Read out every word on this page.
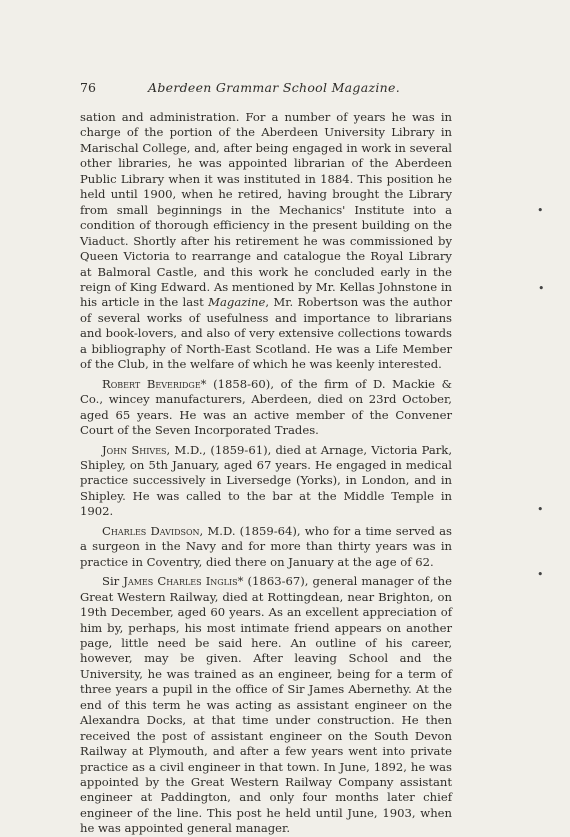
76	Aberdeen Grammar School Magazine.

sation and administration. For a number of years he was in charge of the portion of the Aberdeen University Library in Marischal College, and, after being engaged in work in several other libraries, he was appointed librarian of the Aberdeen Public Library when it was instituted in 1884. This position he held until 1900, when he retired, having brought the Library from small beginnings in the Mechanics' Institute into a condition of thorough efficiency in the present building on the Viaduct. Shortly after his retirement he was commissioned by Queen Victoria to rearrange and catalogue the Royal Library at Balmoral Castle, and this work he concluded early in the reign of King Edward. As mentioned by Mr. Kellas Johnstone in his article in the last Magazine, Mr. Robertson was the author of several works of usefulness and importance to librarians and book-lovers, and also of very extensive collections towards a bibliography of North-East Scotland. He was a Life Member of the Club, in the welfare of which he was keenly interested.

Robert Beveridge* (1858-60), of the firm of D. Mackie & Co., wincey manufacturers, Aberdeen, died on 23rd October, aged 65 years. He was an active member of the Convener Court of the Seven Incorporated Trades.

John Shives, M.D., (1859-61), died at Arnage, Victoria Park, Shipley, on 5th January, aged 67 years. He engaged in medical practice successively in Liversedge (Yorks), in London, and in Shipley. He was called to the bar at the Middle Temple in 1902.

Charles Davidson, M.D. (1859-64), who for a time served as a surgeon in the Navy and for more than thirty years was in practice in Coventry, died there on January at the age of 62.

Sir James Charles Inglis* (1863-67), general manager of the Great Western Railway, died at Rottingdean, near Brighton, on 19th December, aged 60 years. As an excellent appreciation of him by, perhaps, his most intimate friend appears on another page, little need be said here. An outline of his career, however, may be given. After leaving School and the University, he was trained as an engineer, being for a term of three years a pupil in the office of Sir James Abernethy. At the end of this term he was acting as assistant engineer on the Alexandra Docks, at that time under construction. He then received the post of assistant engineer on the South Devon Railway at Plymouth, and after a few years went into private practice as a civil engineer in that town. In June, 1892, he was appointed by the Great Western Railway Company assistant engineer at Paddington, and only four months later chief engineer of the line. This post he held until June, 1903, when he was appointed general manager.

•
•
•
•
